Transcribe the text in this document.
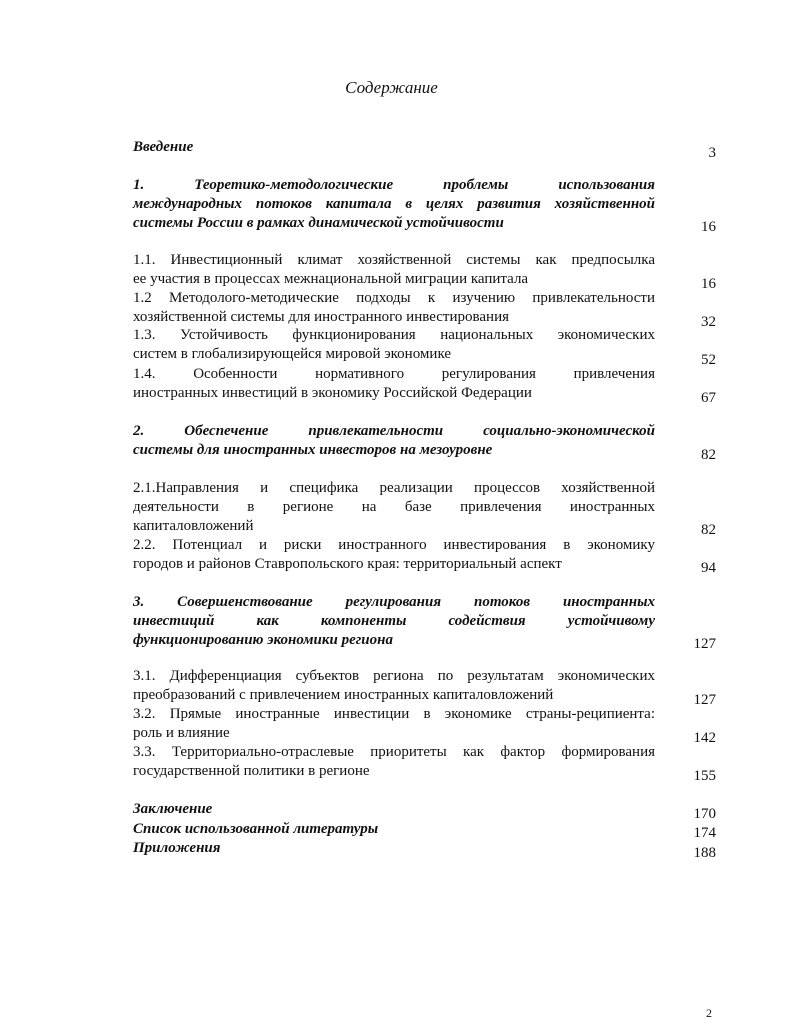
Содержание
Введение	3
1. Теоретико-методологические проблемы использования
международных потоков капитала в целях развития хозяйственной
системы России в рамках динамической устойчивости	16
1.1. Инвестиционный климат хозяйственной системы как предпосылка
ее участия в процессах межнациональной миграции капитала	16
1.2 Методолого-методические подходы к изучению привлекательности
хозяйственной системы для иностранного инвестирования	32
1.3. Устойчивость функционирования национальных экономических
систем в глобализирующейся мировой экономике	52
1.4. Особенности нормативного регулирования привлечения
иностранных инвестиций в экономику Российской Федерации	67
2. Обеспечение привлекательности социально-экономической
системы для иностранных инвесторов на мезоуровне	82
2.1.Направления и специфика реализации процессов хозяйственной
деятельности в регионе на базе привлечения иностранных
капиталовложений	82
2.2. Потенциал и риски иностранного инвестирования в экономику
городов и районов Ставропольского края: территориальный аспект	94
3. Совершенствование регулирования потоков иностранных
инвестиций как компоненты содействия устойчивому
функционированию экономики региона	127
3.1. Дифференциация субъектов региона по результатам экономических
преобразований с привлечением иностранных капиталовложений	127
3.2. Прямые иностранные инвестиции в экономике страны-реципиента:
роль и влияние	142
3.3. Территориально-отраслевые приоритеты как фактор формирования
государственной политики в регионе	155
Заключение	170
Список использованной литературы	174
Приложения	188
2
